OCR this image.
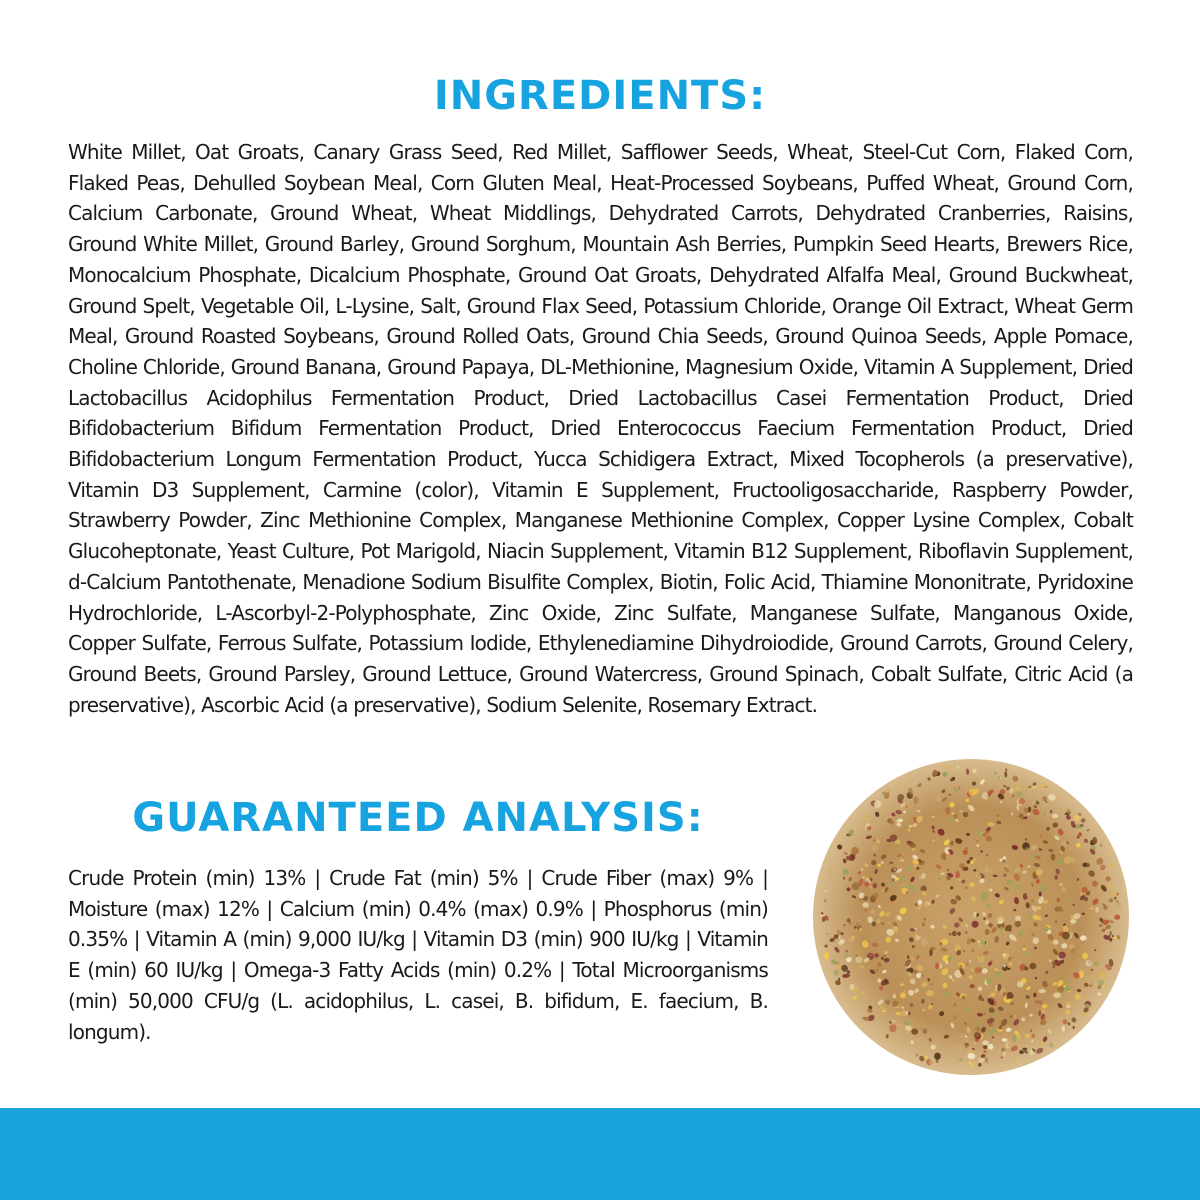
INGREDIENTS:

White Millet, Oat Groats, Canary Grass Seed, Red Millet, Safflower Seeds, Wheat, Steel-Cut Corn, Flaked Corn, Flaked Peas, Dehulled Soybean Meal, Corn Gluten Meal, Heat-Processed Soybeans, Puffed Wheat, Ground Corn, Calcium Carbonate, Ground Wheat, Wheat Middlings, Dehydrated Carrots, Dehydrated Cranberries, Raisins, Ground White Millet, Ground Barley, Ground Sorghum, Mountain Ash Berries, Pumpkin Seed Hearts, Brewers Rice, Monocalcium Phosphate, Dicalcium Phosphate, Ground Oat Groats, Dehydrated Alfalfa Meal, Ground Buckwheat, Ground Spelt, Vegetable Oil, L-Lysine, Salt, Ground Flax Seed, Potassium Chloride, Orange Oil Extract, Wheat Germ Meal, Ground Roasted Soybeans, Ground Rolled Oats, Ground Chia Seeds, Ground Quinoa Seeds, Apple Pomace, Choline Chloride, Ground Banana, Ground Papaya, DL-Methionine, Magnesium Oxide, Vitamin A Supplement, Dried Lactobacillus Acidophilus Fermentation Product, Dried Lactobacillus Casei Fermentation Product, Dried Bifidobacterium Bifidum Fermentation Product, Dried Enterococcus Faecium Fermentation Product, Dried Bifidobacterium Longum Fermentation Product, Yucca Schidigera Extract, Mixed Tocopherols (a preservative), Vitamin D3 Supplement, Carmine (color), Vitamin E Supplement, Fructooligosaccharide, Raspberry Powder, Strawberry Powder, Zinc Methionine Complex, Manganese Methionine Complex, Copper Lysine Complex, Cobalt Glucoheptonate, Yeast Culture, Pot Marigold, Niacin Supplement, Vitamin B12 Supplement, Riboflavin Supplement, d-Calcium Pantothenate, Menadione Sodium Bisulfite Complex, Biotin, Folic Acid, Thiamine Mononitrate, Pyridoxine Hydrochloride, L-Ascorbyl-2-Polyphosphate, Zinc Oxide, Zinc Sulfate, Manganese Sulfate, Manganous Oxide, Copper Sulfate, Ferrous Sulfate, Potassium Iodide, Ethylenediamine Dihydroiodide, Ground Carrots, Ground Celery, Ground Beets, Ground Parsley, Ground Lettuce, Ground Watercress, Ground Spinach, Cobalt Sulfate, Citric Acid (a preservative), Ascorbic Acid (a preservative), Sodium Selenite, Rosemary Extract.

GUARANTEED ANALYSIS:

Crude Protein (min) 13% | Crude Fat (min) 5% | Crude Fiber (max) 9% | Moisture (max) 12% | Calcium (min) 0.4% (max) 0.9% | Phosphorus (min) 0.35% | Vitamin A (min) 9,000 IU/kg | Vitamin D3 (min) 900 IU/kg | Vitamin E (min) 60 IU/kg | Omega-3 Fatty Acids (min) 0.2% | Total Microorganisms (min) 50,000 CFU/g (L. acidophilus, L. casei, B. bifidum, E. faecium, B. longum).
